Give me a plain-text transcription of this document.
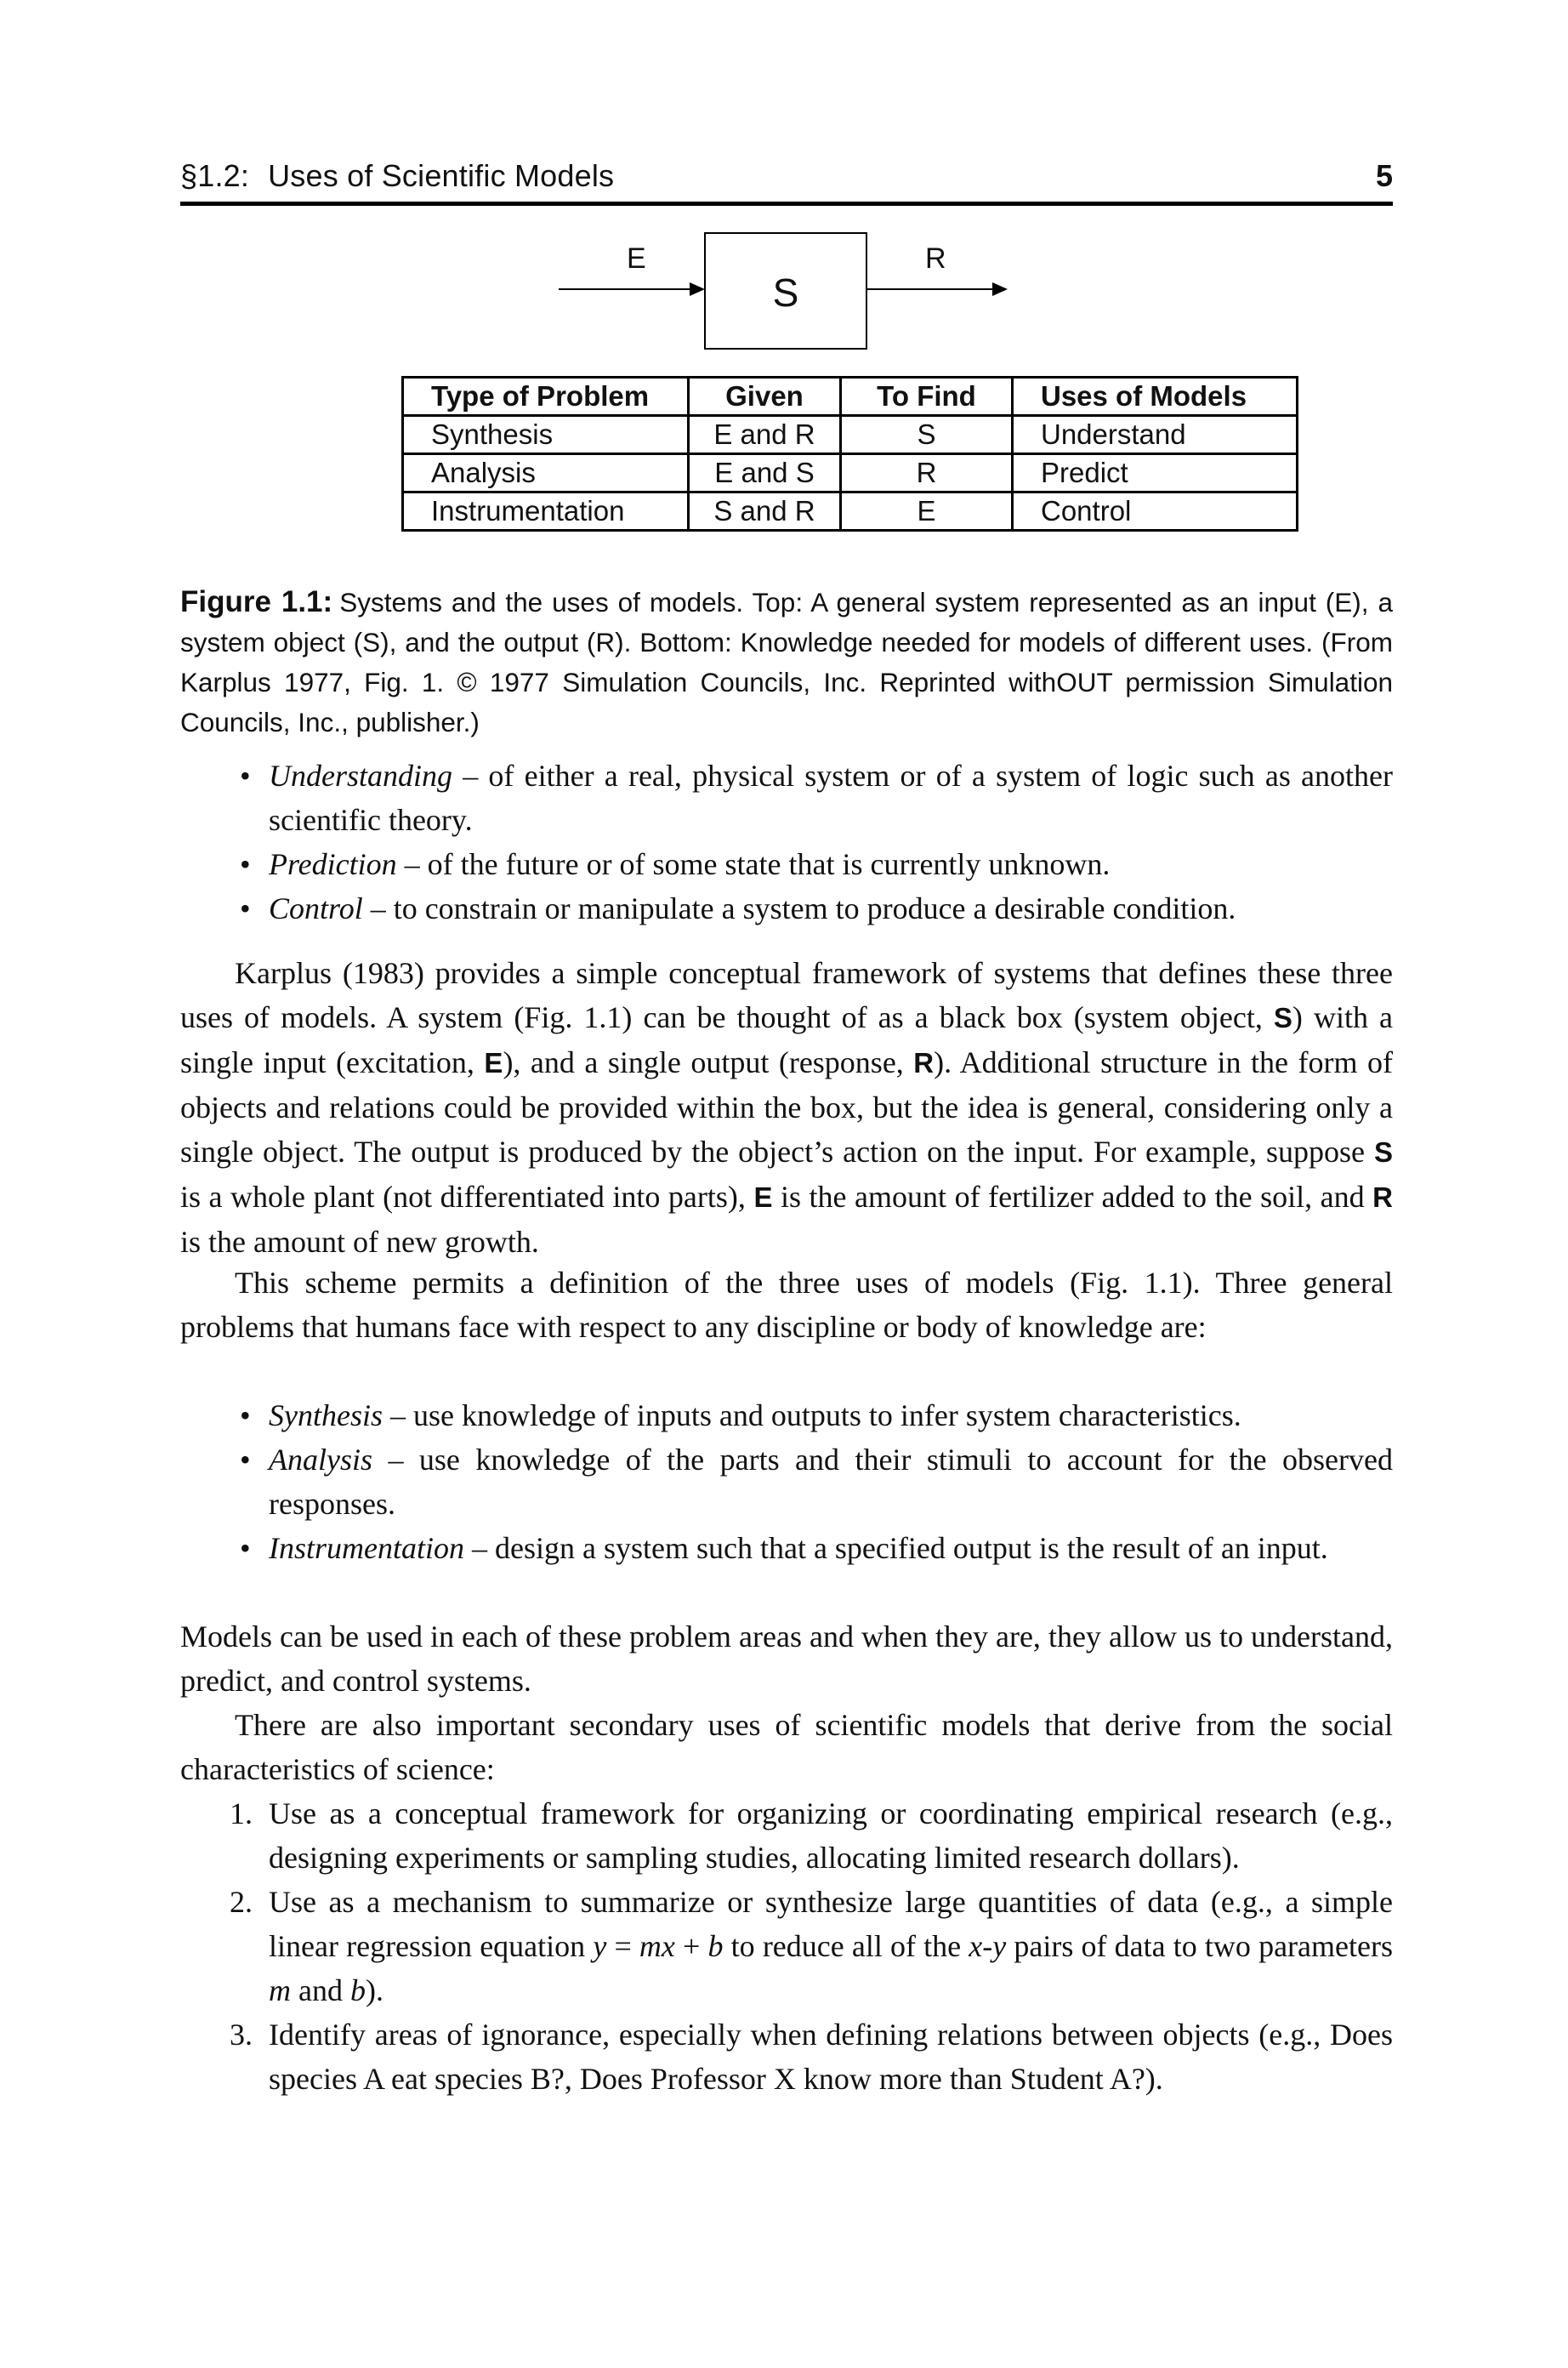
§1.2: Uses of Scientific Models	5
E
S
R
Type of Problem	Given	To Find	Uses of Models
Synthesis	E and R	S	Understand
Analysis	E and S	R	Predict
Instrumentation	S and R	E	Control

Figure 1.1: Systems and the uses of models. Top: A general system represented as an input (E), a system object (S), and the output (R). Bottom: Knowledge needed for models of different uses. (From Karplus 1977, Fig. 1. © 1977 Simulation Councils, Inc. Reprinted withOUT permission Simulation Councils, Inc., publisher.)

• Understanding – of either a real, physical system or of a system of logic such as another scientific theory.
• Prediction – of the future or of some state that is currently unknown.
• Control – to constrain or manipulate a system to produce a desirable condition.

Karplus (1983) provides a simple conceptual framework of systems that defines these three uses of models. A system (Fig. 1.1) can be thought of as a black box (system object, S) with a single input (excitation, E), and a single output (response, R). Additional structure in the form of objects and relations could be provided within the box, but the idea is general, considering only a single object. The output is produced by the object’s action on the input. For example, suppose S is a whole plant (not differentiated into parts), E is the amount of fertilizer added to the soil, and R is the amount of new growth.

This scheme permits a definition of the three uses of models (Fig. 1.1). Three general problems that humans face with respect to any discipline or body of knowledge are:

• Synthesis – use knowledge of inputs and outputs to infer system characteristics.
• Analysis – use knowledge of the parts and their stimuli to account for the observed responses.
• Instrumentation – design a system such that a specified output is the result of an input.

Models can be used in each of these problem areas and when they are, they allow us to understand, predict, and control systems.

There are also important secondary uses of scientific models that derive from the social characteristics of science:

1. Use as a conceptual framework for organizing or coordinating empirical research (e.g., designing experiments or sampling studies, allocating limited research dollars).
2. Use as a mechanism to summarize or synthesize large quantities of data (e.g., a simple linear regression equation y = mx + b to reduce all of the x-y pairs of data to two parameters m and b).
3. Identify areas of ignorance, especially when defining relations between objects (e.g., Does species A eat species B?, Does Professor X know more than Student A?).
